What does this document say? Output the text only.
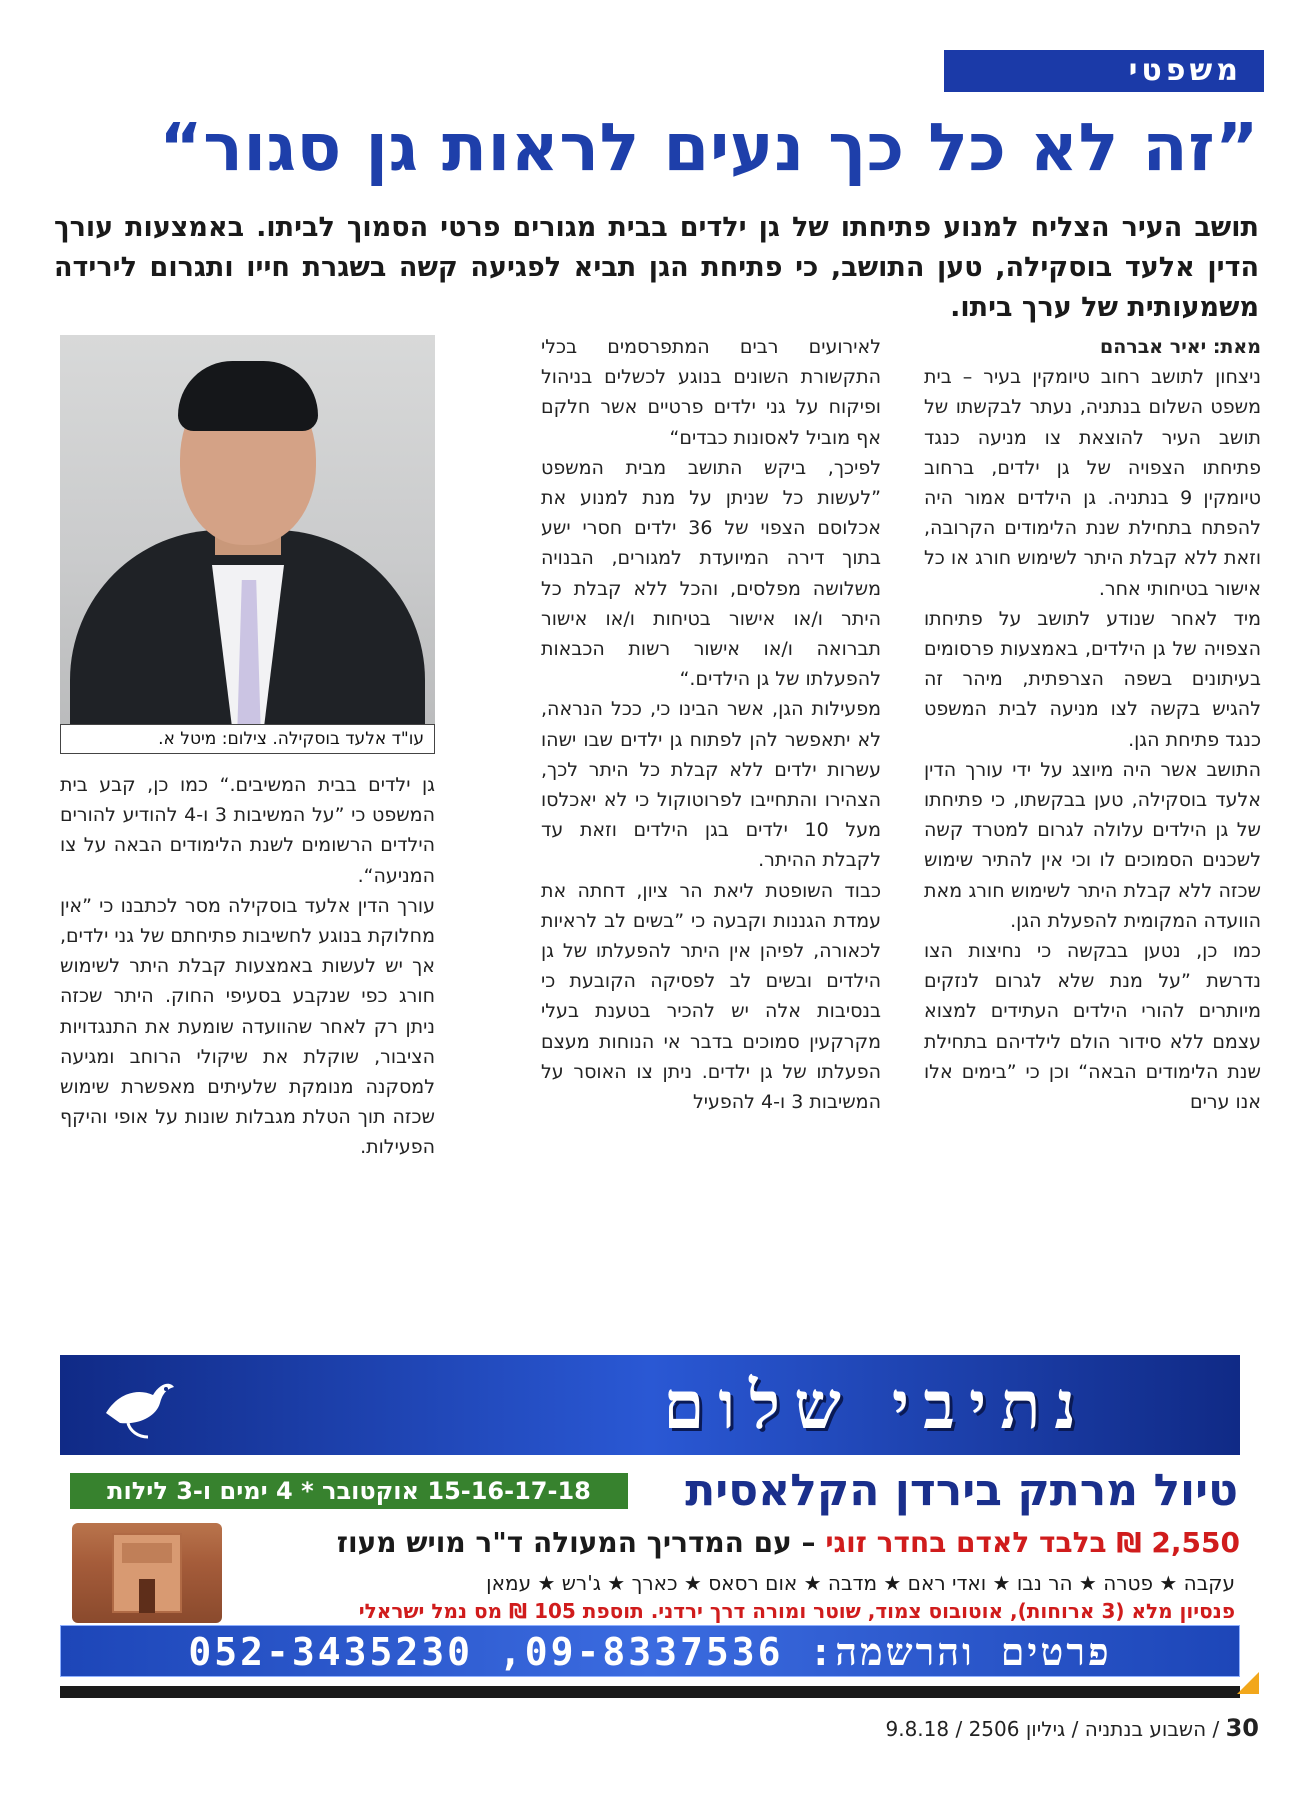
משפטי
”זה לא כל כך נעים לראות גן סגור“

תושב העיר הצליח למנוע פתיחתו של גן ילדים בבית מגורים פרטי הסמוך לביתו. באמצעות עורך הדין אלעד בוסקילה, טען התושב, כי פתיחת הגן תביא לפגיעה קשה בשגרת חייו ותגרום לירידה משמעותית של ערך ביתו.

מאת: יאיר אברהם

ניצחון לתושב רחוב טיומקין בעיר – בית משפט השלום בנתניה, נעתר לבקשתו של תושב העיר להוצאת צו מניעה כנגד פתיחתו הצפויה של גן ילדים, ברחוב טיומקין 9 בנתניה. גן הילדים אמור היה להפתח בתחילת שנת הלימודים הקרובה, וזאת ללא קבלת היתר לשימוש חורג או כל אישור בטיחותי אחר.

מיד לאחר שנודע לתושב על פתיחתו הצפויה של גן הילדים, באמצעות פרסומים בעיתונים בשפה הצרפתית, מיהר זה להגיש בקשה לצו מניעה לבית המשפט כנגד פתיחת הגן.

התושב אשר היה מיוצג על ידי עורך הדין אלעד בוסקילה, טען בבקשתו, כי פתיחתו של גן הילדים עלולה לגרום למטרד קשה לשכנים הסמוכים לו וכי אין להתיר שימוש שכזה ללא קבלת היתר לשימוש חורג מאת הוועדה המקומית להפעלת הגן.

כמו כן, נטען בבקשה כי נחיצות הצו נדרשת ”על מנת שלא לגרום לנזקים מיותרים להורי הילדים העתידים למצוא עצמם ללא סידור הולם לילדיהם בתחילת שנת הלימודים הבאה“ וכן כי ”בימים אלו אנו ערים

לאירועים רבים המתפרסמים בכלי התקשורת השונים בנוגע לכשלים בניהול ופיקוח על גני ילדים פרטיים אשר חלקם אף מוביל לאסונות כבדים“

לפיכך, ביקש התושב מבית המשפט ”לעשות כל שניתן על מנת למנוע את אכלוסם הצפוי של 36 ילדים חסרי ישע בתוך דירה המיועדת למגורים, הבנויה משלושה מפלסים, והכל ללא קבלת כל היתר ו/או אישור בטיחות ו/או אישור תברואה ו/או אישור רשות הכבאות להפעלתו של גן הילדים.“

מפעילות הגן, אשר הבינו כי, ככל הנראה, לא יתאפשר להן לפתוח גן ילדים שבו ישהו עשרות ילדים ללא קבלת כל היתר לכך, הצהירו והתחייבו לפרוטוקול כי לא יאכלסו מעל 10 ילדים בגן הילדים וזאת עד לקבלת ההיתר.

כבוד השופטת ליאת הר ציון, דחתה את עמדת הגננות וקבעה כי ”בשים לב לראיות לכאורה, לפיהן אין היתר להפעלתו של גן הילדים ובשים לב לפסיקה הקובעת כי בנסיבות אלה יש להכיר בטענת בעלי מקרקעין סמוכים בדבר אי הנוחות מעצם הפעלתו של גן ילדים. ניתן צו האוסר על המשיבות 3 ו-4 להפעיל

עו"ד אלעד בוסקילה. צילום: מיטל א.

גן ילדים בבית המשיבים.“ כמו כן, קבע בית המשפט כי ”על המשיבות 3 ו-4 להודיע להורים הילדים הרשומים לשנת הלימודים הבאה על צו המניעה“.

עורך הדין אלעד בוסקילה מסר לכתבנו כי ”אין מחלוקת בנוגע לחשיבות פתיחתם של גני ילדים, אך יש לעשות באמצעות קבלת היתר לשימוש חורג כפי שנקבע בסעיפי החוק. היתר שכזה ניתן רק לאחר שהוועדה שומעת את התנגדויות הציבור, שוקלת את שיקולי הרוחב ומגיעה למסקנה מנומקת שלעיתים מאפשרת שימוש שכזה תוך הטלת מגבלות שונות על אופי והיקף הפעילות.

נתיבי שלום
טיול מרתק בירדן הקלאסית
15-16-17-18 אוקטובר * 4 ימים ו-3 לילות
2,550 ₪ בלבד לאדם בחדר זוגי – עם המדריך המעולה ד"ר מויש מעוז
עקבה ★ פטרה ★ הר נבו ★ ואדי ראם ★ מדבה ★ אום רסאס ★ כארך ★ ג'רש ★ עמאן
פנסיון מלא (3 ארוחות), אוטובוס צמוד, שוטר ומורה דרך ירדני. תוספת 105 ₪ מס נמל ישראלי
פרטים והרשמה: 09-8337536, 052-3435230
30 / השבוע בנתניה / גיליון 2506 / 9.8.18
